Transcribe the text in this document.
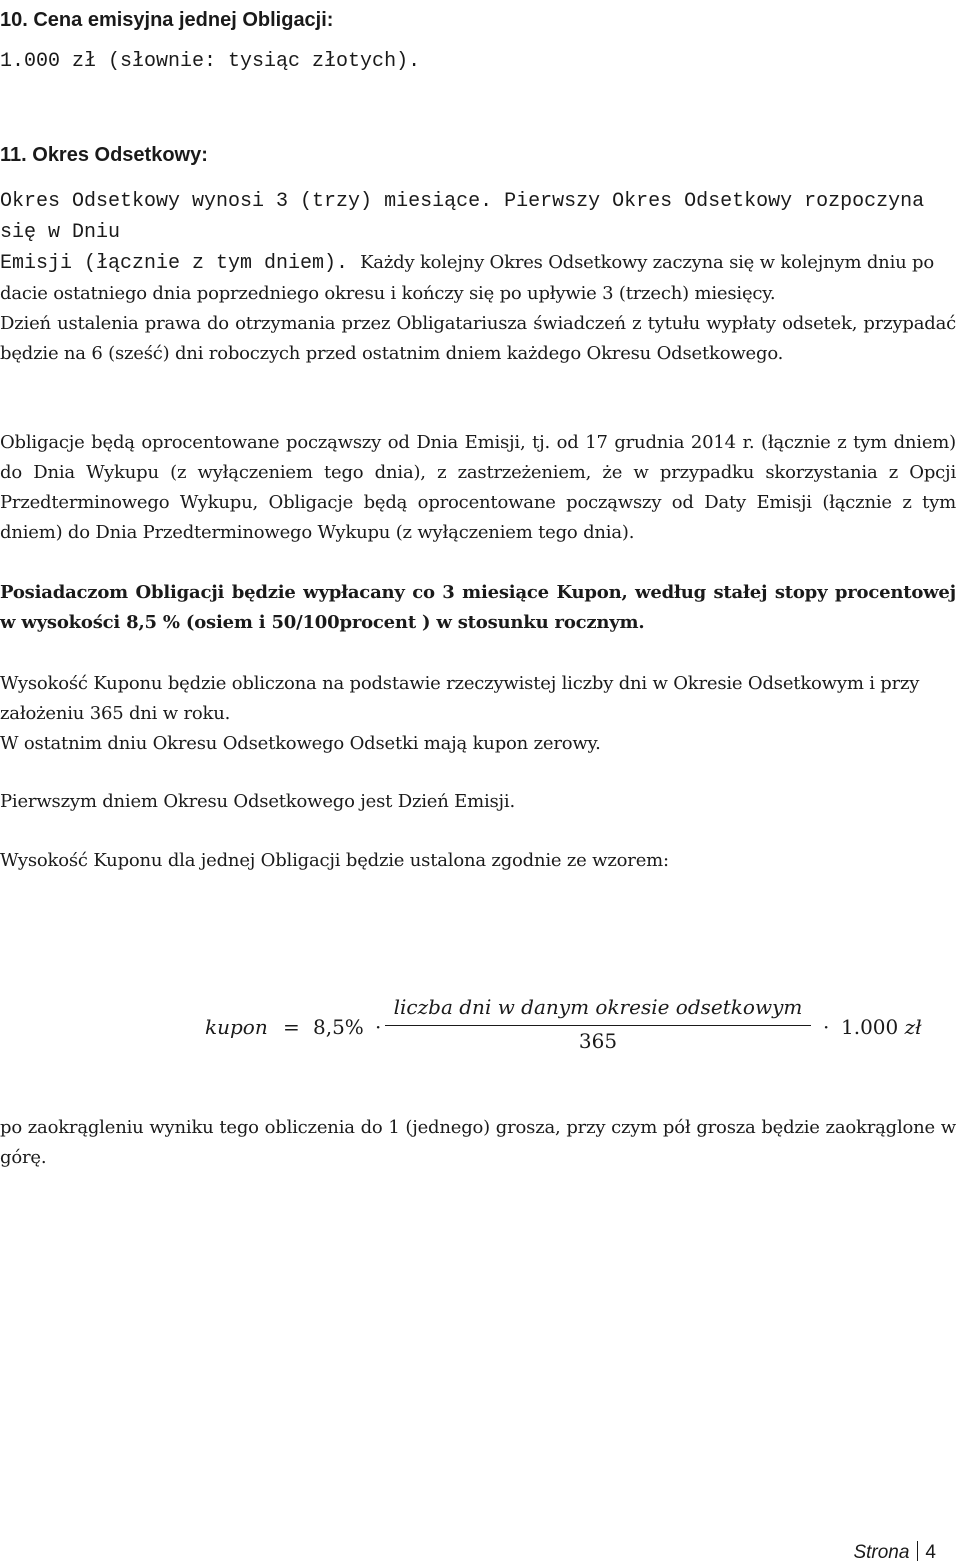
10. Cena emisyjna jednej Obligacji:
1.000 zł (słownie: tysiąc złotych).
11. Okres Odsetkowy:
Okres Odsetkowy wynosi 3 (trzy) miesiące. Pierwszy Okres Odsetkowy rozpoczyna się w Dniu
Emisji (łącznie z tym dniem). Każdy kolejny Okres Odsetkowy zaczyna się w kolejnym dniu po
dacie ostatniego dnia poprzedniego okresu i kończy się po upływie 3 (trzech) miesięcy.

Dzień ustalenia prawa do otrzymania przez Obligatariusza świadczeń z tytułu wypłaty odsetek, przypadać będzie na 6 (sześć) dni roboczych przed ostatnim dniem każdego Okresu Odsetkowego.

Obligacje będą oprocentowane począwszy od Dnia Emisji, tj. od 17 grudnia 2014 r. (łącznie z tym dniem) do Dnia Wykupu (z wyłączeniem tego dnia), z zastrzeżeniem, że w przypadku skorzystania z Opcji Przedterminowego Wykupu, Obligacje będą oprocentowane począwszy od Daty Emisji (łącznie z tym dniem) do Dnia Przedterminowego Wykupu (z wyłączeniem tego dnia).

Posiadaczom Obligacji będzie wypłacany co 3 miesiące Kupon, według stałej stopy procentowej w wysokości 8,5 % (osiem i 50/100procent ) w stosunku rocznym.

Wysokość Kuponu będzie obliczona na podstawie rzeczywistej liczby dni w Okresie Odsetkowym i przy założeniu 365 dni w roku.

W ostatnim dniu Okresu Odsetkowego Odsetki mają kupon zerowy.

Pierwszym dniem Okresu Odsetkowego jest Dzień Emisji.

Wysokość Kuponu dla jednej Obligacji będzie ustalona zgodnie ze wzorem:

kupon = 8,5% ·
liczba dni w danym okresie odsetkowym
365
· 1.000 zł

po zaokrągleniu wyniku tego obliczenia do 1 (jednego) grosza, przy czym pół grosza będzie zaokrąglone w górę.

Strona 4
